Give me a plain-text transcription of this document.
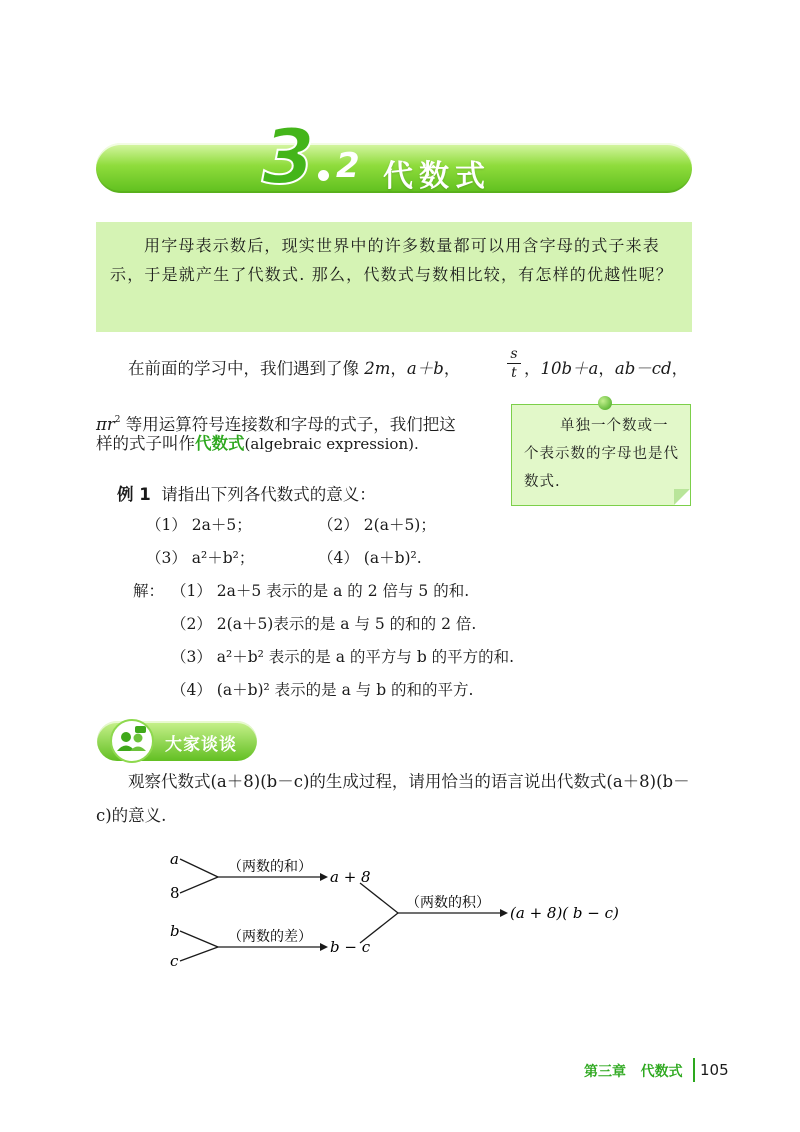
3 2 代数式

用字母表示数后，现实世界中的许多数量都可以用含字母的式子来表示，于是就产生了代数式. 那么，代数式与数相比较，有怎样的优越性呢？

在前面的学习中，我们遇到了像 2m，a＋b，
s
t ，10b＋a，ab－cd，
$\pi r^2$ 等用运算符号连接数和字母的式子，我们把这
样的式子叫作代数式(algebraic expression).

单独一个数或一个表示数的字母也是代数式.

例 1 请指出下列各代数式的意义：
（1） 2a＋5；	（2） 2(a＋5)；
（3） a²＋b²；	（4） (a＋b)².
解： （1） 2a＋5 表示的是 a 的 2 倍与 5 的和.
（2） 2(a＋5)表示的是 a 与 5 的和的 2 倍.
（3） a²＋b² 表示的是 a 的平方与 b 的平方的和.
（4） (a＋b)² 表示的是 a 与 b 的和的平方.
大家谈谈
观察代数式(a＋8)(b－c)的生成过程，请用恰当的语言说出代数式(a＋8)(b－c)的意义.
a
8
b
c
（两数的和）
（两数的差）
（两数的积）
a + 8
b − c
(a + 8)( b − c)
第三章   代数式 105
